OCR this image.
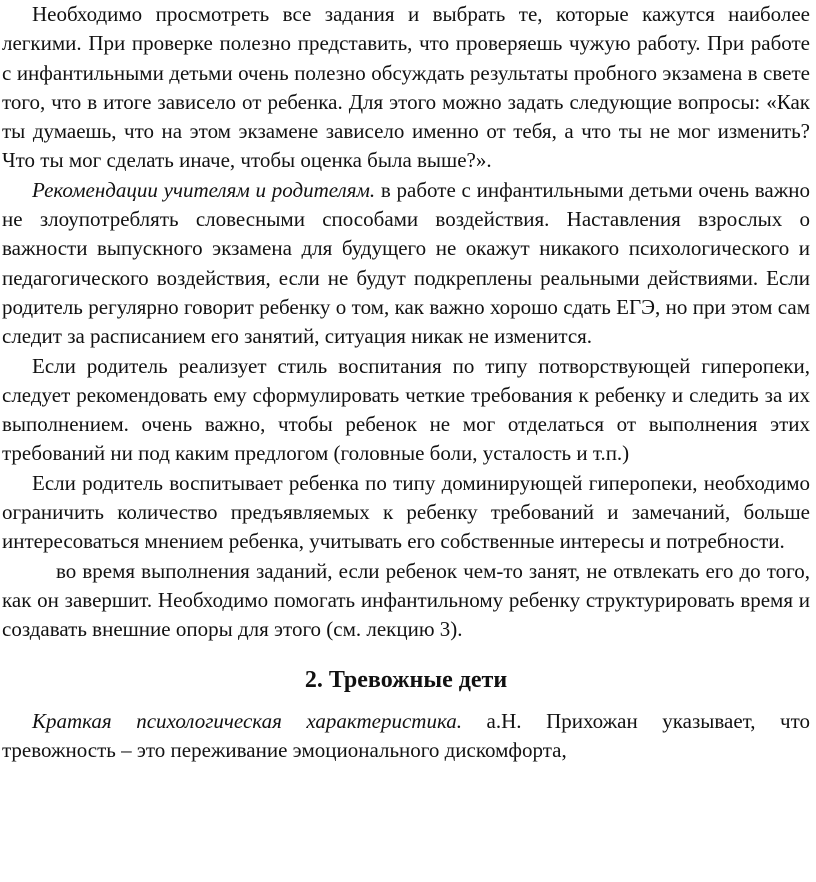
Необходимо просмотреть все задания и выбрать те, которые кажутся наиболее легкими. При проверке полезно представить, что проверяешь чужую работу. При работе с инфантильными детьми очень полезно обсуждать результаты пробного экзамена в свете того, что в итоге зависело от ребенка. Для этого можно задать следующие вопросы: «Как ты думаешь, что на этом экзамене зависело именно от тебя, а что ты не мог изменить? Что ты мог сделать иначе, чтобы оценка была выше?».

Рекомендации учителям и родителям. в работе с инфантильными детьми очень важно не злоупотреблять словесными способами воздействия. Наставления взрослых о важности выпускного экзамена для будущего не окажут никакого психологического и педагогического воздействия, если не будут подкреплены реальными действиями. Если родитель регулярно говорит ребенку о том, как важно хорошо сдать ЕГЭ, но при этом сам следит за расписанием его занятий, ситуация никак не изменится.

Если родитель реализует стиль воспитания по типу потворствующей гиперопеки, следует рекомендовать ему сформулировать четкие требования к ребенку и следить за их выполнением. очень важно, чтобы ребенок не мог отделаться от выполнения этих требований ни под каким предлогом (головные боли, усталость и т.п.)

Если родитель воспитывает ребенка по типу доминирующей гиперопеки, необходимо ограничить количество предъявляемых к ребенку требований и замечаний, больше интересоваться мнением ребенка, учитывать его собственные интересы и потребности.

во время выполнения заданий, если ребенок чем-то занят, не отвлекать его до того, как он завершит. Необходимо помогать инфантильному ребенку структурировать время и создавать внешние опоры для этого (см. лекцию 3).

2. Тревожные дети

Краткая психологическая характеристика. а.Н. Прихожан указывает, что тревожность – это переживание эмоционального дискомфорта,
